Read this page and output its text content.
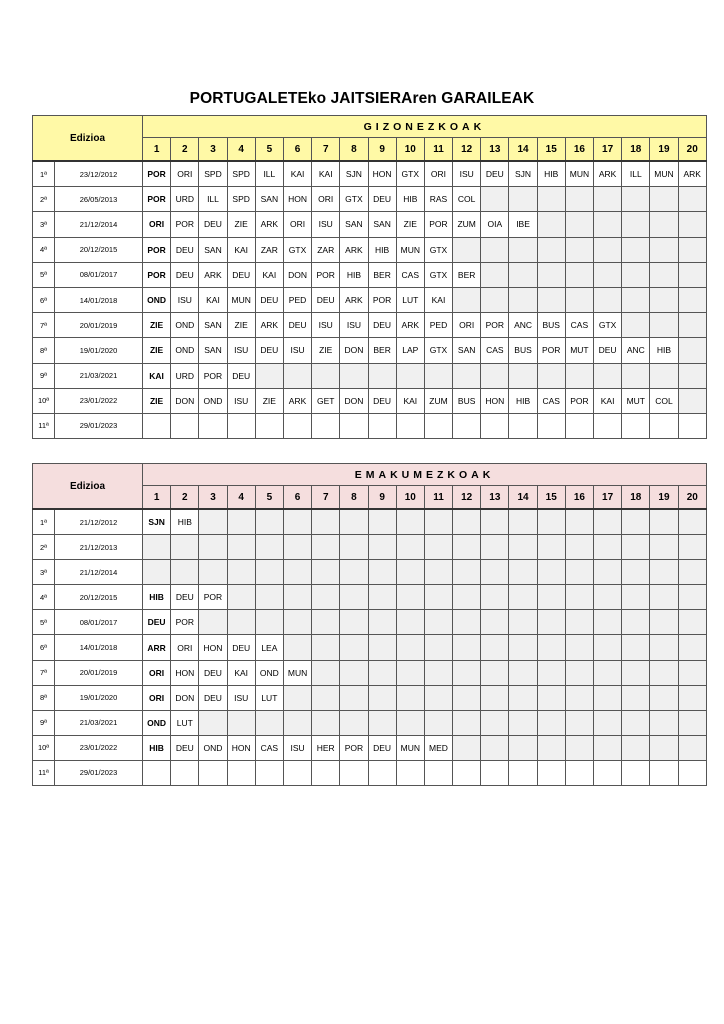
PORTUGALETEko JAITSIERAren GARAILEAK
Edizioa		GIZONEZKOAK																			
		1	2	3	4	5	6	7	8	9	10	11	12	13	14	15	16	17	18	19	20
1ª	23/12/2012	POR	ORI	SPD	SPD	ILL	KAI	KAI	SJN	HON	GTX	ORI	ISU	DEU	SJN	HIB	MUN	ARK	ILL	MUN	ARK
2ª	26/05/2013	POR	URD	ILL	SPD	SAN	HON	ORI	GTX	DEU	HIB	RAS	COL								
3ª	21/12/2014	ORI	POR	DEU	ZIE	ARK	ORI	ISU	SAN	SAN	ZIE	POR	ZUM	OIA	IBE						
4ª	20/12/2015	POR	DEU	SAN	KAI	ZAR	GTX	ZAR	ARK	HIB	MUN	GTX									
5ª	08/01/2017	POR	DEU	ARK	DEU	KAI	DON	POR	HIB	BER	CAS	GTX	BER								
6ª	14/01/2018	OND	ISU	KAI	MUN	DEU	PED	DEU	ARK	POR	LUT	KAI									
7ª	20/01/2019	ZIE	OND	SAN	ZIE	ARK	DEU	ISU	ISU	DEU	ARK	PED	ORI	POR	ANC	BUS	CAS	GTX			
8ª	19/01/2020	ZIE	OND	SAN	ISU	DEU	ISU	ZIE	DON	BER	LAP	GTX	SAN	CAS	BUS	POR	MUT	DEU	ANC	HIB	
9ª	21/03/2021	KAI	URD	POR	DEU																
10ª	23/01/2022	ZIE	DON	OND	ISU	ZIE	ARK	GET	DON	DEU	KAI	ZUM	BUS	HON	HIB	CAS	POR	KAI	MUT	COL	
11ª	29/01/2023																				
Edizioa		EMAKUMEZKOAK																			
		1	2	3	4	5	6	7	8	9	10	11	12	13	14	15	16	17	18	19	20
1ª	21/12/2012	SJN	HIB																		
2ª	21/12/2013																				
3ª	21/12/2014																				
4ª	20/12/2015	HIB	DEU	POR																	
5ª	08/01/2017	DEU	POR																		
6ª	14/01/2018	ARR	ORI	HON	DEU	LEA															
7ª	20/01/2019	ORI	HON	DEU	KAI	OND	MUN														
8ª	19/01/2020	ORI	DON	DEU	ISU	LUT															
9ª	21/03/2021	OND	LUT																		
10ª	23/01/2022	HIB	DEU	OND	HON	CAS	ISU	HER	POR	DEU	MUN	MED									
11ª	29/01/2023																				
